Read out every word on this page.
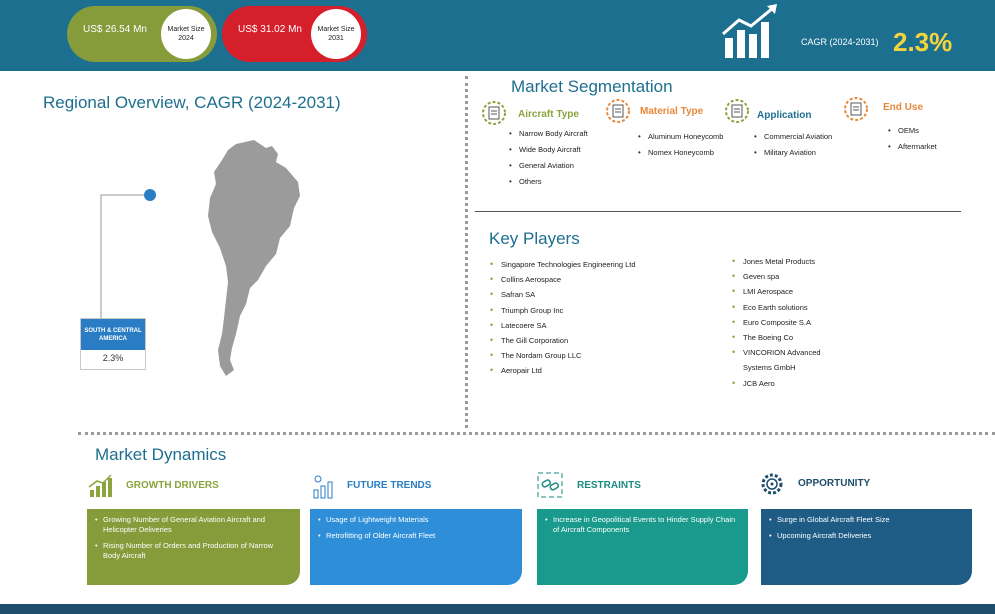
US$ 26.54 Mn	Market Size 2024
US$ 31.02 Mn	Market Size 2031	CAGR (2024-2031) 2.3%
Regional Overview, CAGR (2024-2031)
SOUTH & CENTRAL AMERICA
2.3%
Market Segmentation
Aircraft Type
• Narrow Body Aircraft
• Wide Body Aircraft
• General Aviation
• Others
Material Type
• Aluminum Honeycomb
• Nomex Honeycomb
Application
• Commercial Aviation
• Military Aviation
End Use
• OEMs
• Aftermarket
Key Players
• Singapore Technologies Engineering Ltd
• Collins Aerospace
• Safran SA
• Triumph Group Inc
• Latecoere SA
• The Gill Corporation
• The Nordam Group LLC
• Aeropair Ltd
• Jones Metal Products
• Geven spa
• LMI Aerospace
• Eco Earth solutions
• Euro Composite S.A
• The Boeing Co
• VINCORION Advanced Systems GmbH
• JCB Aero
Market Dynamics
GROWTH DRIVERS
• Growing Number of General Aviation Aircraft and Helicopter Deliveries
• Rising Number of Orders and Production of Narrow Body Aircraft
FUTURE TRENDS
• Usage of Lightweight Materials
• Retrofitting of Older Aircraft Fleet
RESTRAINTS
• Increase in Geopolitical Events to Hinder Supply Chain of Aircraft Components
OPPORTUNITY
• Surge in Global Aircraft Fleet Size
• Upcoming Aircraft Deliveries
